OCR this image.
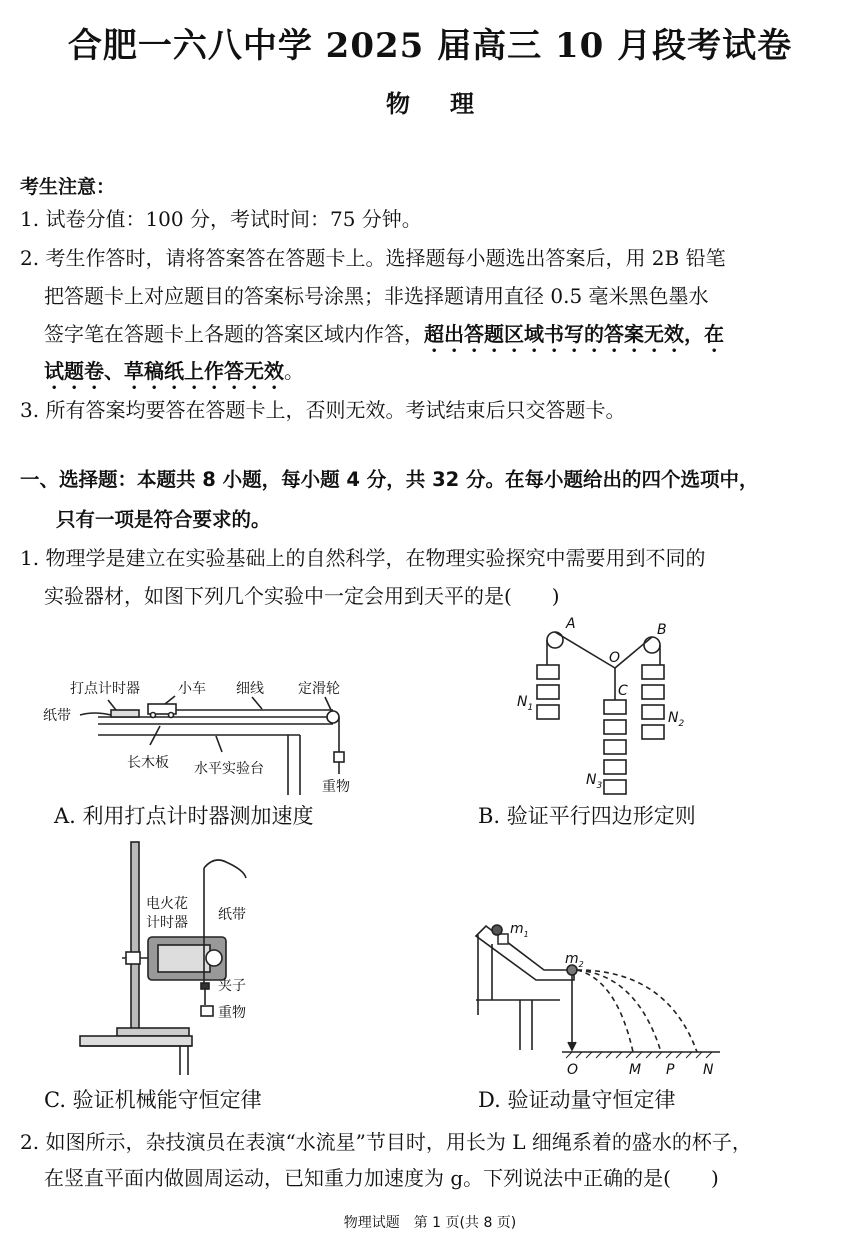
合肥一六八中学 2025 届高三 10 月段考试卷
物理
考生注意：
1. 试卷分值：100 分，考试时间：75 分钟。
2. 考生作答时，请将答案答在答题卡上。选择题每小题选出答案后，用 2B 铅笔
把答题卡上对应题目的答案标号涂黑；非选择题请用直径 0.5 毫米黑色墨水
签字笔在答题卡上各题的答案区域内作答，超出答题区域书写的答案无效，在
试题卷、草稿纸上作答无效。
3. 所有答案均要答在答题卡上，否则无效。考试结束后只交答题卡。
一、选择题：本题共 8 小题，每小题 4 分，共 32 分。在每小题给出的四个选项中，
只有一项是符合要求的。
1. 物理学是建立在实验基础上的自然科学，在物理实验探究中需要用到不同的
实验器材，如图下列几个实验中一定会用到天平的是(　　)
打点计时器	小车 细线 定滑轮
纸带
长木板 水平实验台
重物
A. 利用打点计时器测加速度
A	B
O
C
$N_1$
$N_2$
$N_3$
B. 验证平行四边形定则
电火花
计时器 纸带
夹子
重物
C. 验证机械能守恒定律
$m_1$
$m_2$
O	M P N
D. 验证动量守恒定律
2. 如图所示，杂技演员在表演“水流星”节目时，用长为 L 细绳系着的盛水的杯子，
在竖直平面内做圆周运动，已知重力加速度为 g。下列说法中正确的是(　　)
物理试题　第 1 页(共 8 页)
